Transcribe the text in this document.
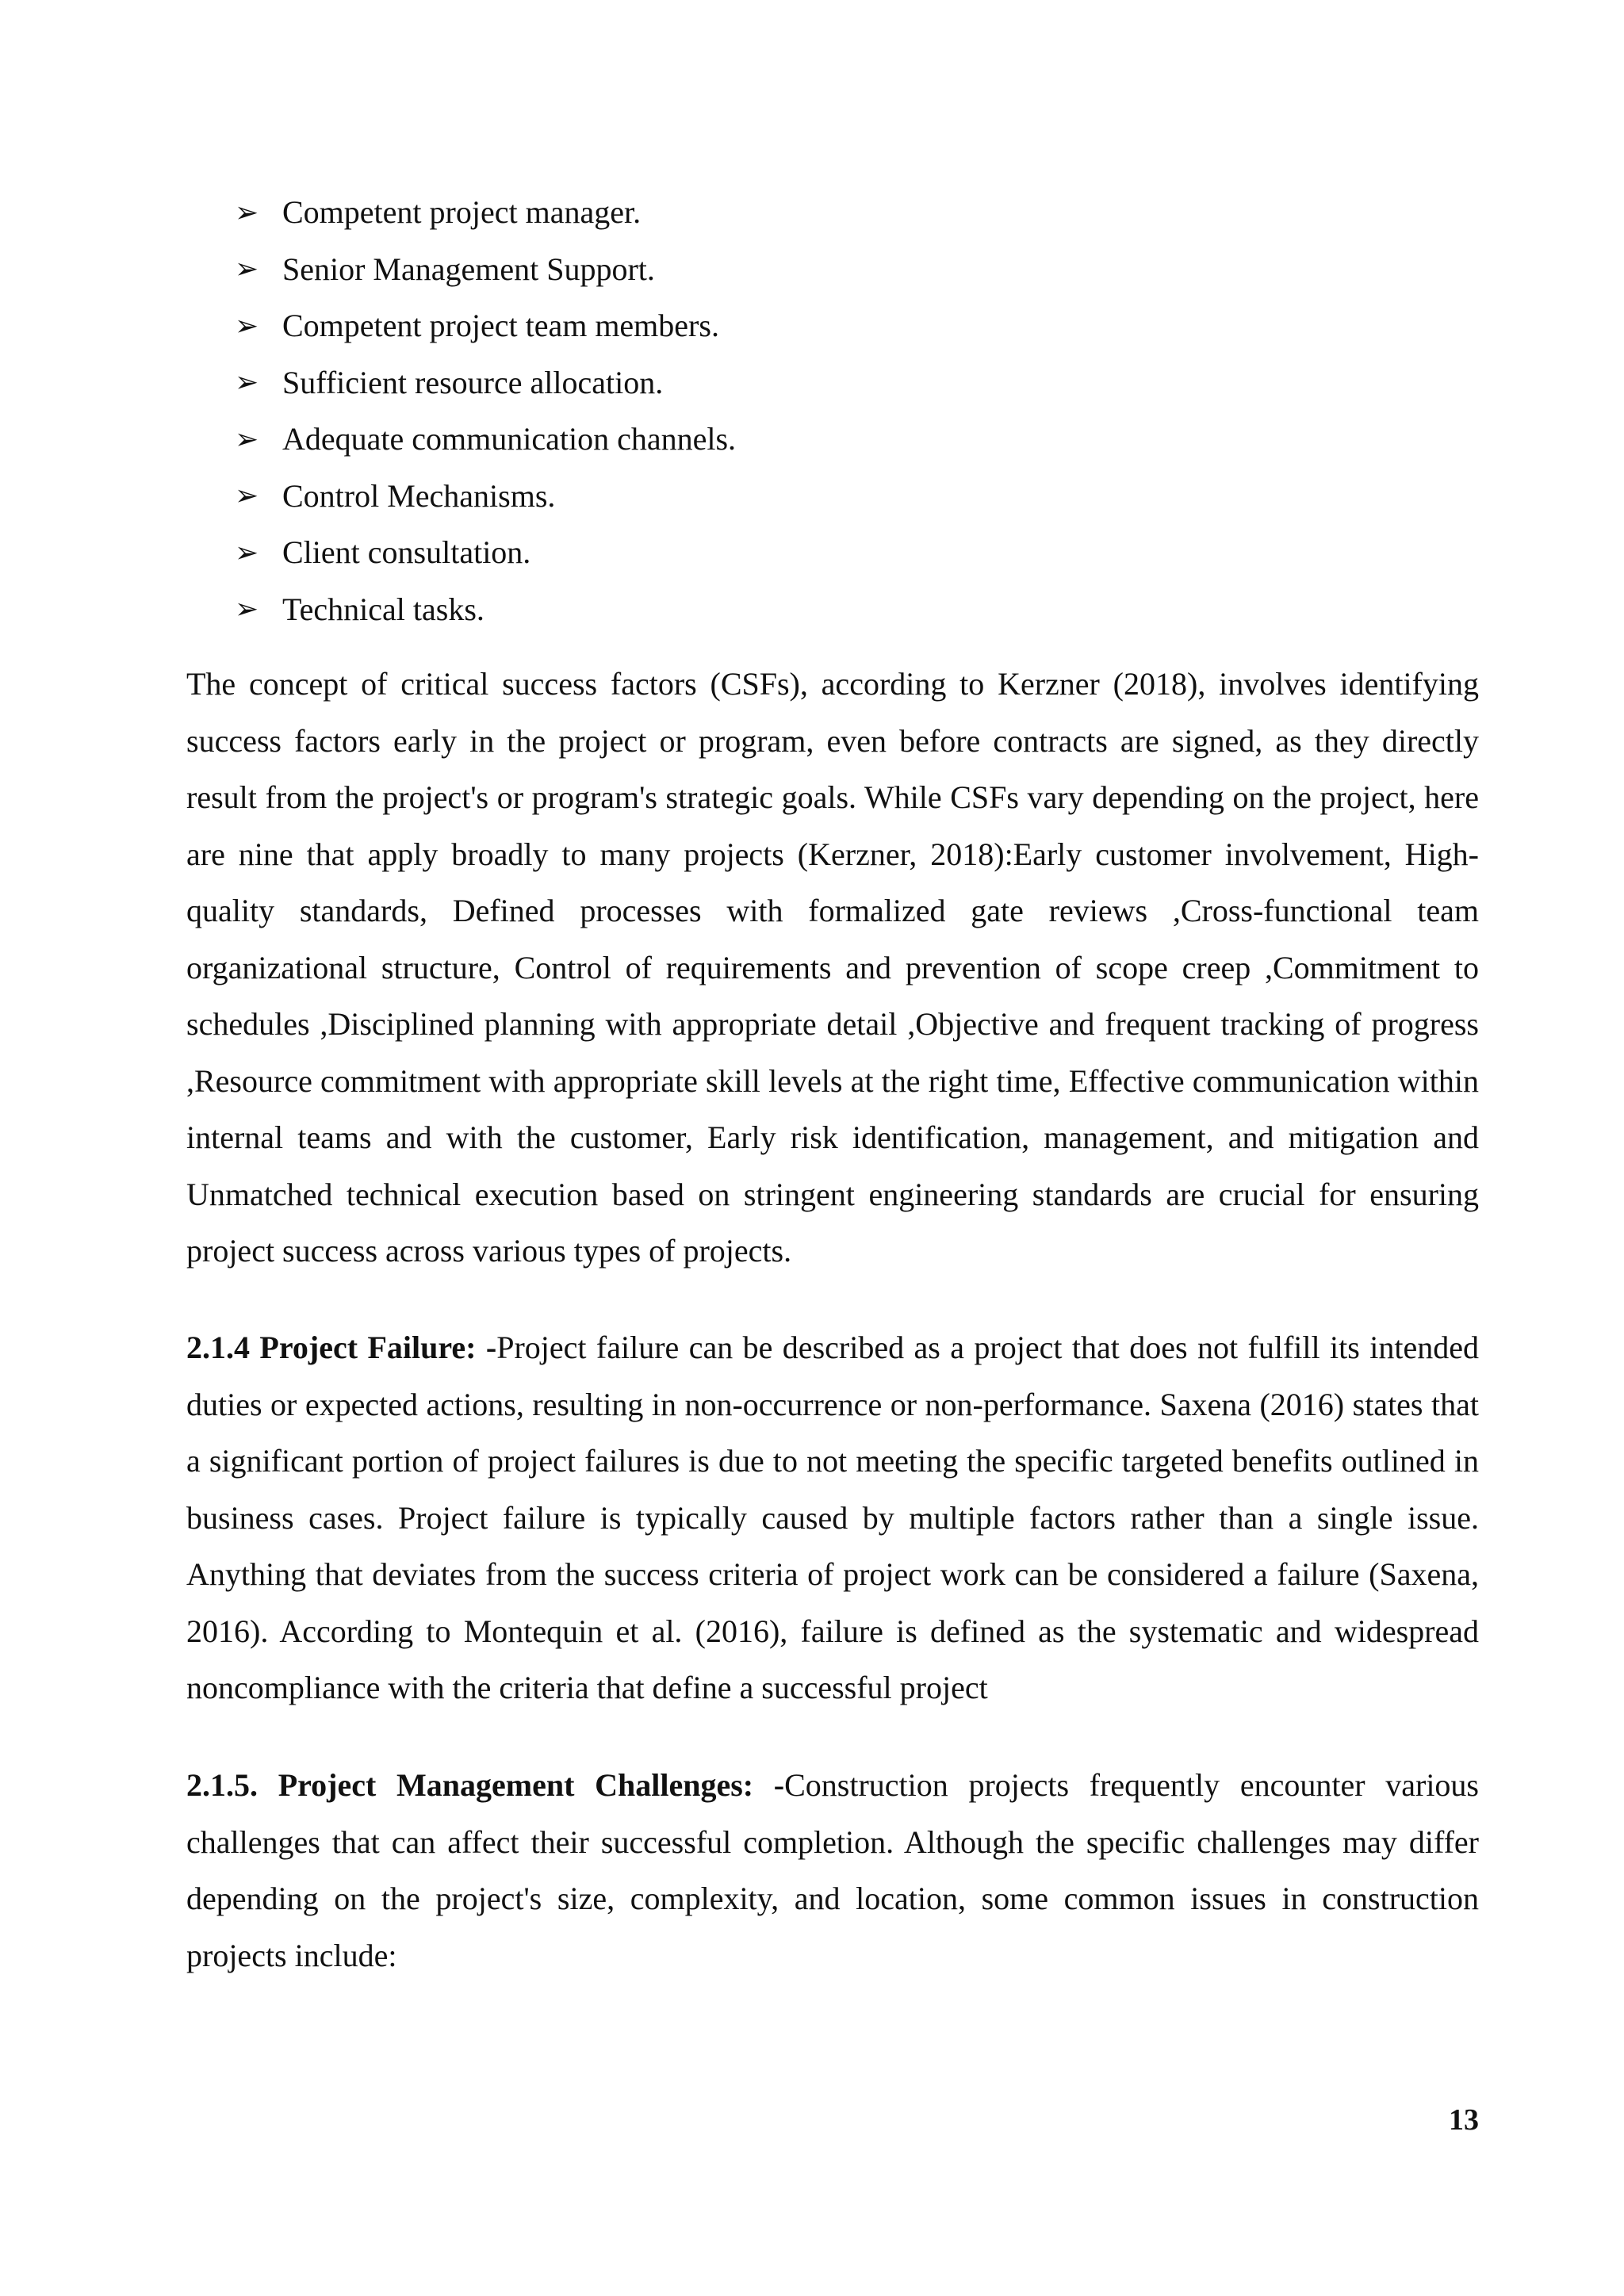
➢ Competent project manager.
➢ Senior Management Support.
➢ Competent project team members.
➢ Sufficient resource allocation.
➢ Adequate communication channels.
➢ Control Mechanisms.
➢ Client consultation.
➢ Technical tasks.

The concept of critical success factors (CSFs), according to Kerzner (2018), involves identifying success factors early in the project or program, even before contracts are signed, as they directly result from the project's or program's strategic goals. While CSFs vary depending on the project, here are nine that apply broadly to many projects (Kerzner, 2018):Early customer involvement, High-quality standards, Defined processes with formalized gate reviews ,Cross-functional team organizational structure, Control of requirements and prevention of scope creep ,Commitment to schedules ,Disciplined planning with appropriate detail ,Objective and frequent tracking of progress ,Resource commitment with appropriate skill levels at the right time, Effective communication within internal teams and with the customer, Early risk identification, management, and mitigation and Unmatched technical execution based on stringent engineering standards are crucial for ensuring project success across various types of projects.

2.1.4 Project Failure: -Project failure can be described as a project that does not fulfill its intended duties or expected actions, resulting in non-occurrence or non-performance. Saxena (2016) states that a significant portion of project failures is due to not meeting the specific targeted benefits outlined in business cases. Project failure is typically caused by multiple factors rather than a single issue. Anything that deviates from the success criteria of project work can be considered a failure (Saxena, 2016). According to Montequin et al. (2016), failure is defined as the systematic and widespread noncompliance with the criteria that define a successful project

2.1.5. Project Management Challenges: -Construction projects frequently encounter various challenges that can affect their successful completion. Although the specific challenges may differ depending on the project's size, complexity, and location, some common issues in construction projects include:

13
